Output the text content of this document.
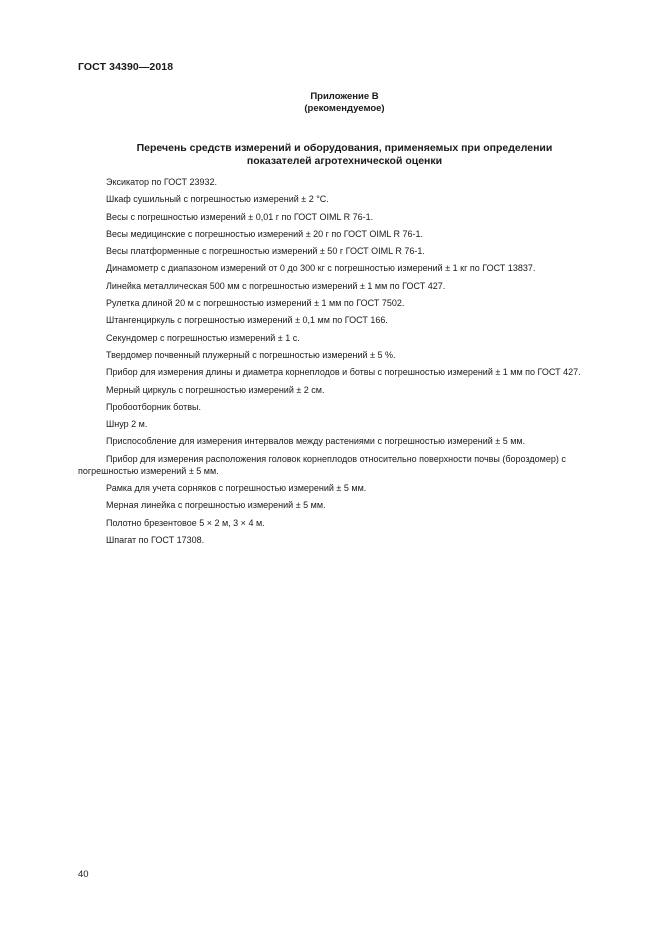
ГОСТ 34390—2018
Приложение В
(рекомендуемое)
Перечень средств измерений и оборудования, применяемых при определении
показателей агротехнической оценки
Эксикатор по ГОСТ 23932.
Шкаф сушильный с погрешностью измерений ± 2 °С.
Весы с погрешностью измерений ± 0,01 г по ГОСТ OIML R 76-1.
Весы медицинские с погрешностью измерений ± 20 г по ГОСТ OIML R 76-1.
Весы платформенные с погрешностью измерений ± 50 г ГОСТ OIML R 76-1.
Динамометр с диапазоном измерений от 0 до 300 кг с погрешностью измерений ± 1 кг по ГОСТ 13837.
Линейка металлическая 500 мм с погрешностью измерений ± 1 мм по ГОСТ 427.
Рулетка длиной 20 м с погрешностью измерений ± 1 мм по ГОСТ 7502.
Штангенциркуль с погрешностью измерений ± 0,1 мм по ГОСТ 166.
Секундомер с погрешностью измерений ± 1 с.
Твердомер почвенный плужерный с погрешностью измерений ± 5 %.
Прибор для измерения длины и диаметра корнеплодов и ботвы с погрешностью измерений ± 1 мм по ГОСТ 427.
Мерный циркуль с погрешностью измерений ± 2 см.
Пробоотборник ботвы.
Шнур 2 м.
Приспособление для измерения интервалов между растениями с погрешностью измерений ± 5 мм.
Прибор для измерения расположения головок корнеплодов относительно поверхности почвы (бороздомер) с погрешностью измерений ± 5 мм.
Рамка для учета сорняков с погрешностью измерений ± 5 мм.
Мерная линейка с погрешностью измерений ± 5 мм.
Полотно брезентовое 5 × 2 м, 3 × 4 м.
Шпагат по ГОСТ 17308.
40
